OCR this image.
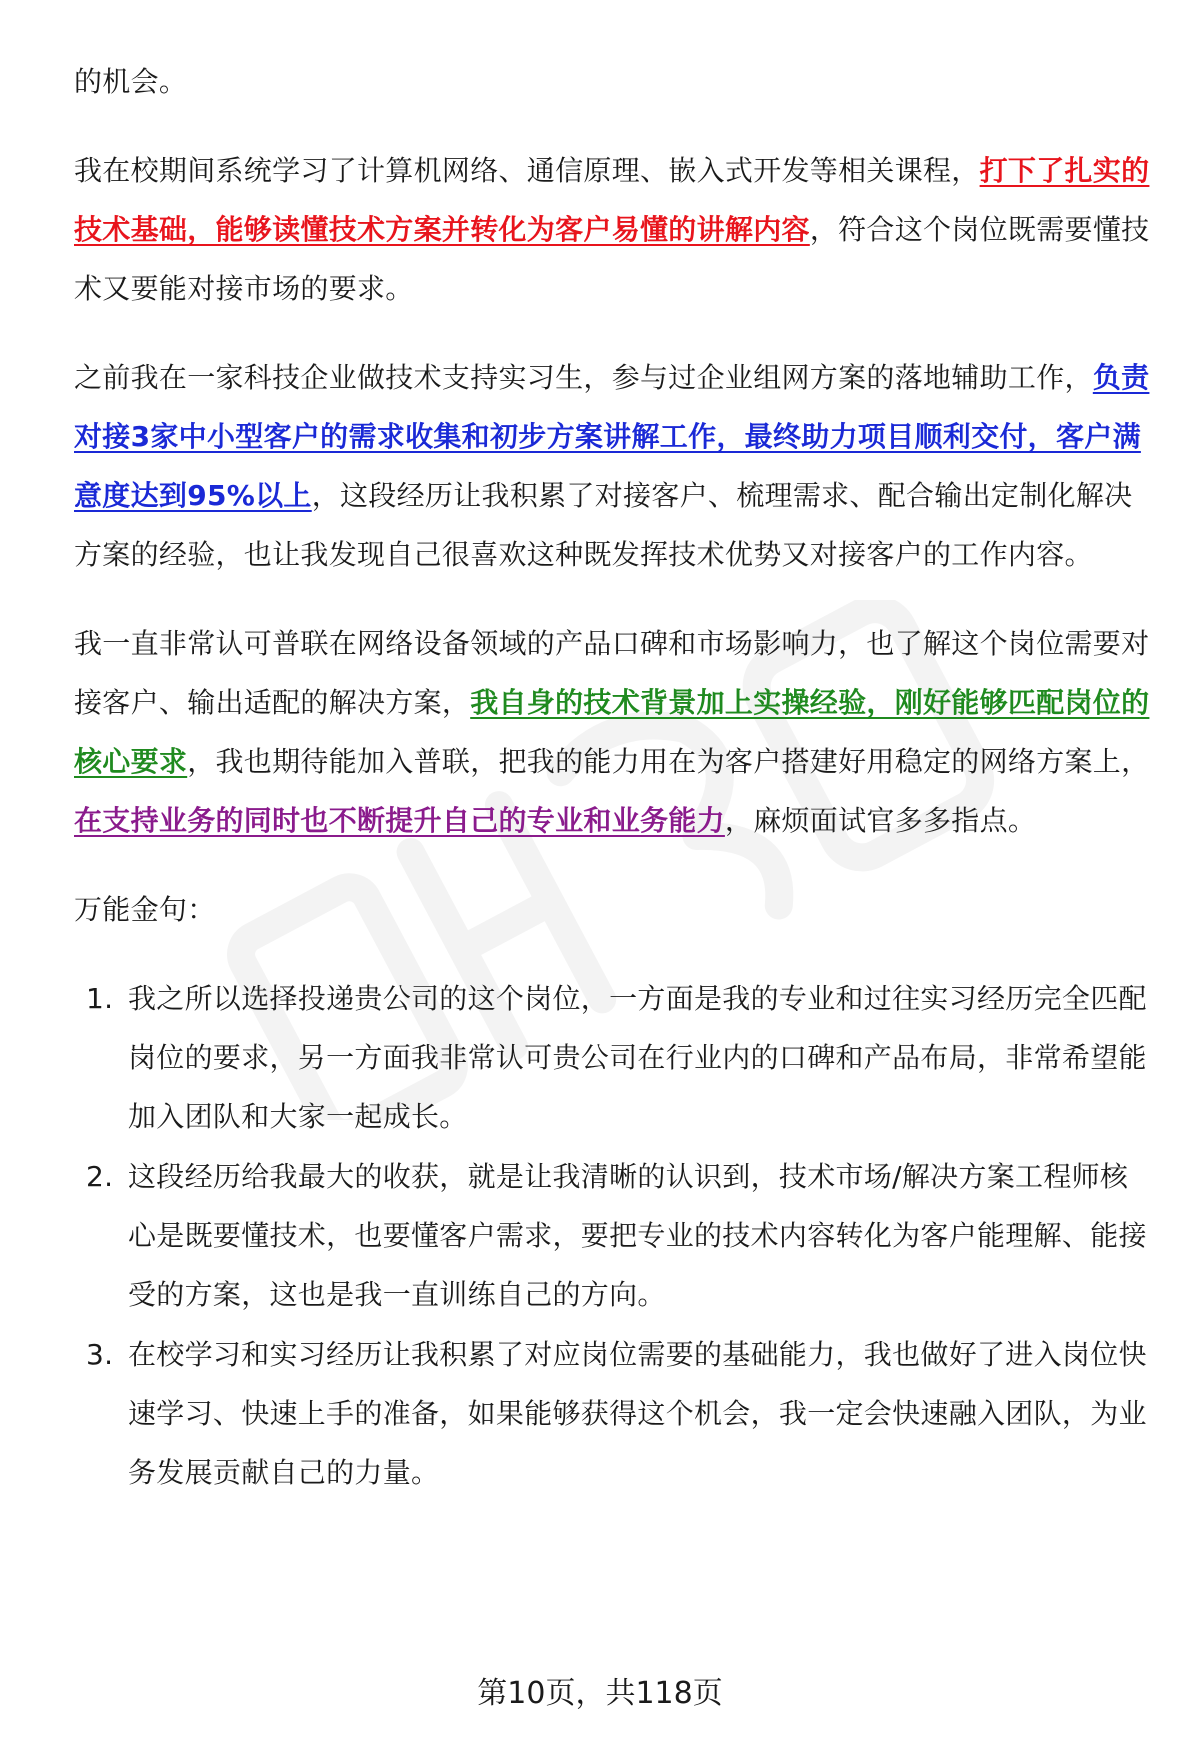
的机会。
我在校期间系统学习了计算机网络、通信原理、嵌入式开发等相关课程，打下了扎实的技术基础，能够读懂技术方案并转化为客户易懂的讲解内容，符合这个岗位既需要懂技术又要能对接市场的要求。
之前我在一家科技企业做技术支持实习生，参与过企业组网方案的落地辅助工作，负责对接3家中小型客户的需求收集和初步方案讲解工作，最终助力项目顺利交付，客户满意度达到95%以上，这段经历让我积累了对接客户、梳理需求、配合输出定制化解决方案的经验，也让我发现自己很喜欢这种既发挥技术优势又对接客户的工作内容。
我一直非常认可普联在网络设备领域的产品口碑和市场影响力，也了解这个岗位需要对接客户、输出适配的解决方案，我自身的技术背景加上实操经验，刚好能够匹配岗位的核心要求，我也期待能加入普联，把我的能力用在为客户搭建好用稳定的网络方案上，在支持业务的同时也不断提升自己的专业和业务能力，麻烦面试官多多指点。
万能金句：
1. 我之所以选择投递贵公司的这个岗位，一方面是我的专业和过往实习经历完全匹配岗位的要求，另一方面我非常认可贵公司在行业内的口碑和产品布局，非常希望能加入团队和大家一起成长。
2. 这段经历给我最大的收获，就是让我清晰的认识到，技术市场/解决方案工程师核心是既要懂技术，也要懂客户需求，要把专业的技术内容转化为客户能理解、能接受的方案，这也是我一直训练自己的方向。
3. 在校学习和实习经历让我积累了对应岗位需要的基础能力，我也做好了进入岗位快速学习、快速上手的准备，如果能够获得这个机会，我一定会快速融入团队，为业务发展贡献自己的力量。
第10页，共118页
